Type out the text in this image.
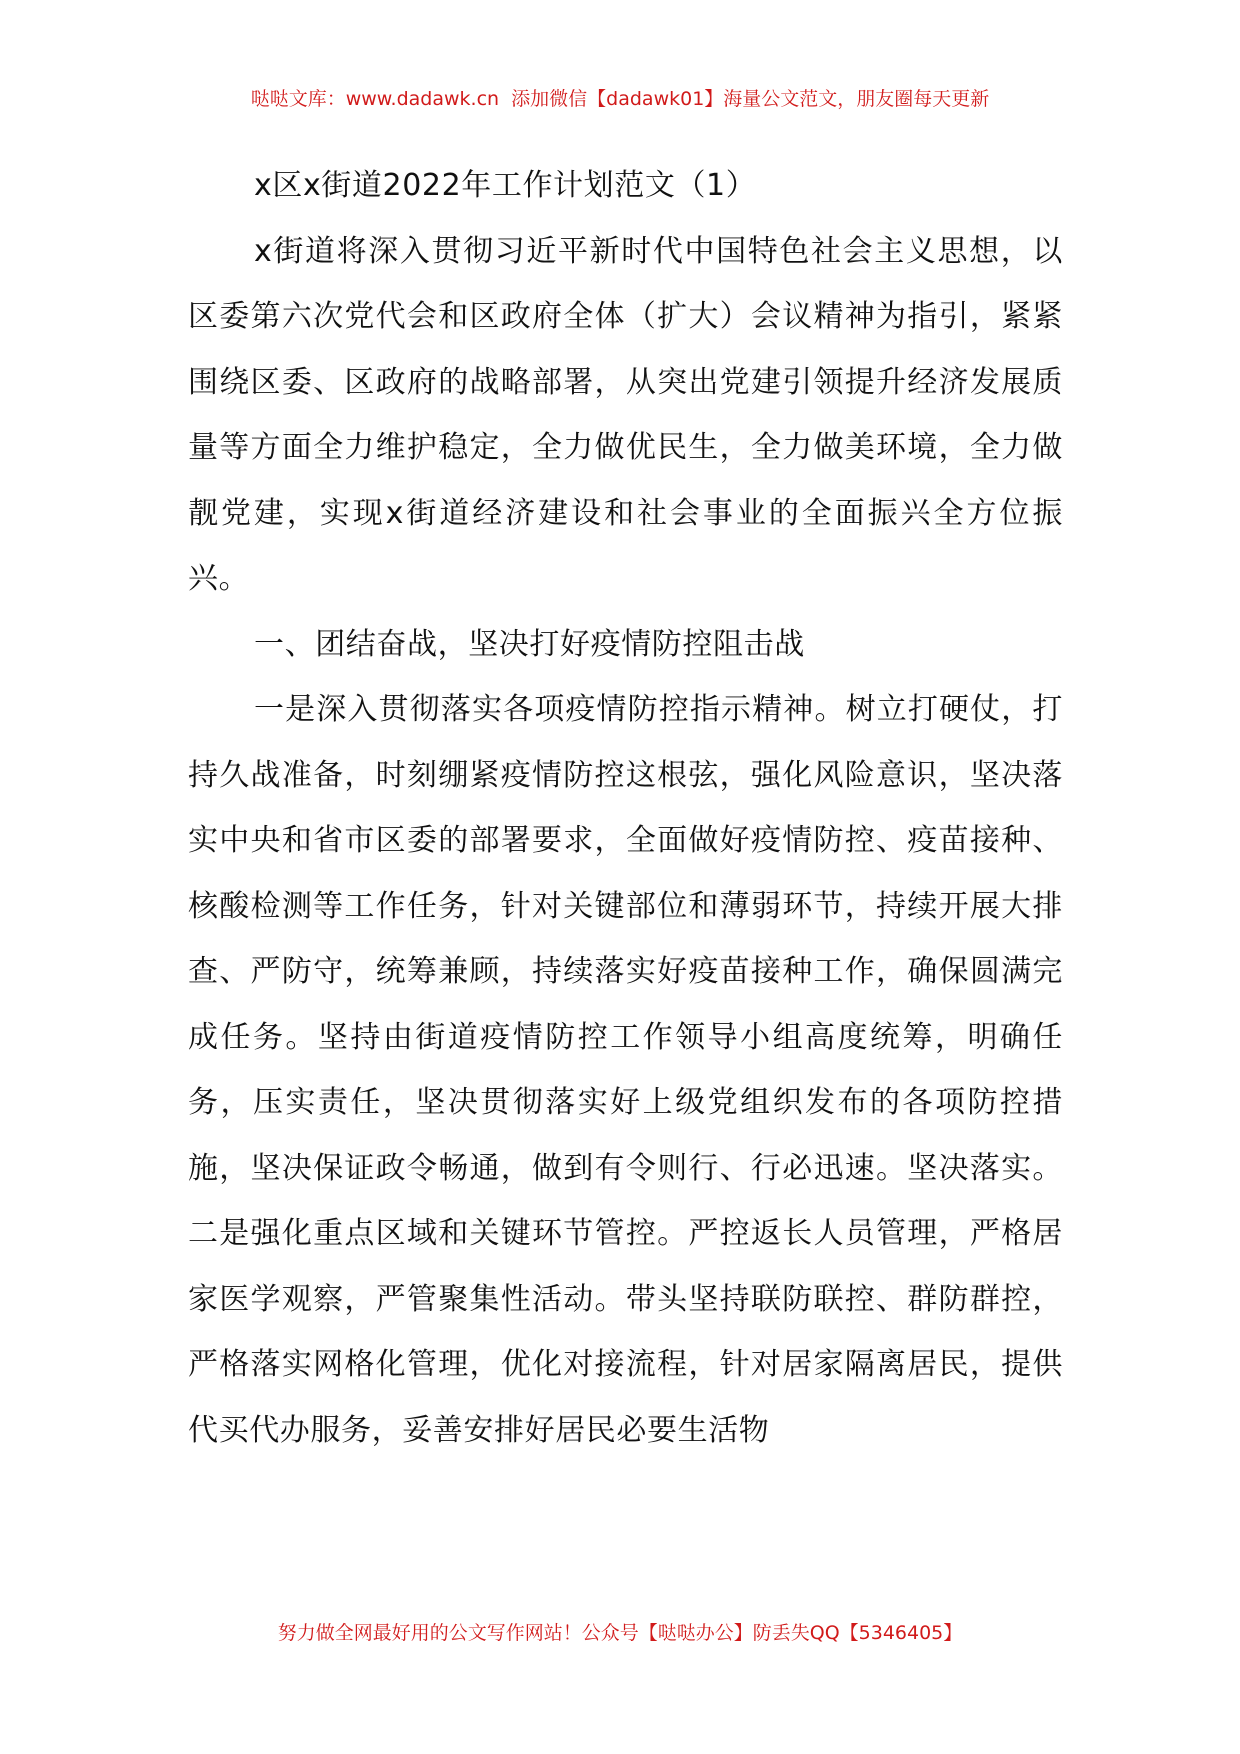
哒哒文库：www.dadawk.cn  添加微信【dadawk01】海量公文范文，朋友圈每天更新

x区x街道2022年工作计划范文（1）

x街道将深入贯彻习近平新时代中国特色社会主义思想，以区委第六次党代会和区政府全体（扩大）会议精神为指引，紧紧围绕区委、区政府的战略部署，从突出党建引领提升经济发展质量等方面全力维护稳定，全力做优民生，全力做美环境，全力做靓党建，实现x街道经济建设和社会事业的全面振兴全方位振兴。

一、团结奋战，坚决打好疫情防控阻击战

一是深入贯彻落实各项疫情防控指示精神。树立打硬仗，打持久战准备，时刻绷紧疫情防控这根弦，强化风险意识，坚决落实中央和省市区委的部署要求，全面做好疫情防控、疫苗接种、核酸检测等工作任务，针对关键部位和薄弱环节，持续开展大排查、严防守，统筹兼顾，持续落实好疫苗接种工作，确保圆满完成任务。坚持由街道疫情防控工作领导小组高度统筹，明确任务，压实责任，坚决贯彻落实好上级党组织发布的各项防控措施，坚决保证政令畅通，做到有令则行、行必迅速。坚决落实。二是强化重点区域和关键环节管控。严控返长人员管理，严格居家医学观察，严管聚集性活动。带头坚持联防联控、群防群控，严格落实网格化管理，优化对接流程，针对居家隔离居民，提供代买代办服务，妥善安排好居民必要生活物

努力做全网最好用的公文写作网站！公众号【哒哒办公】防丢失QQ【5346405】
